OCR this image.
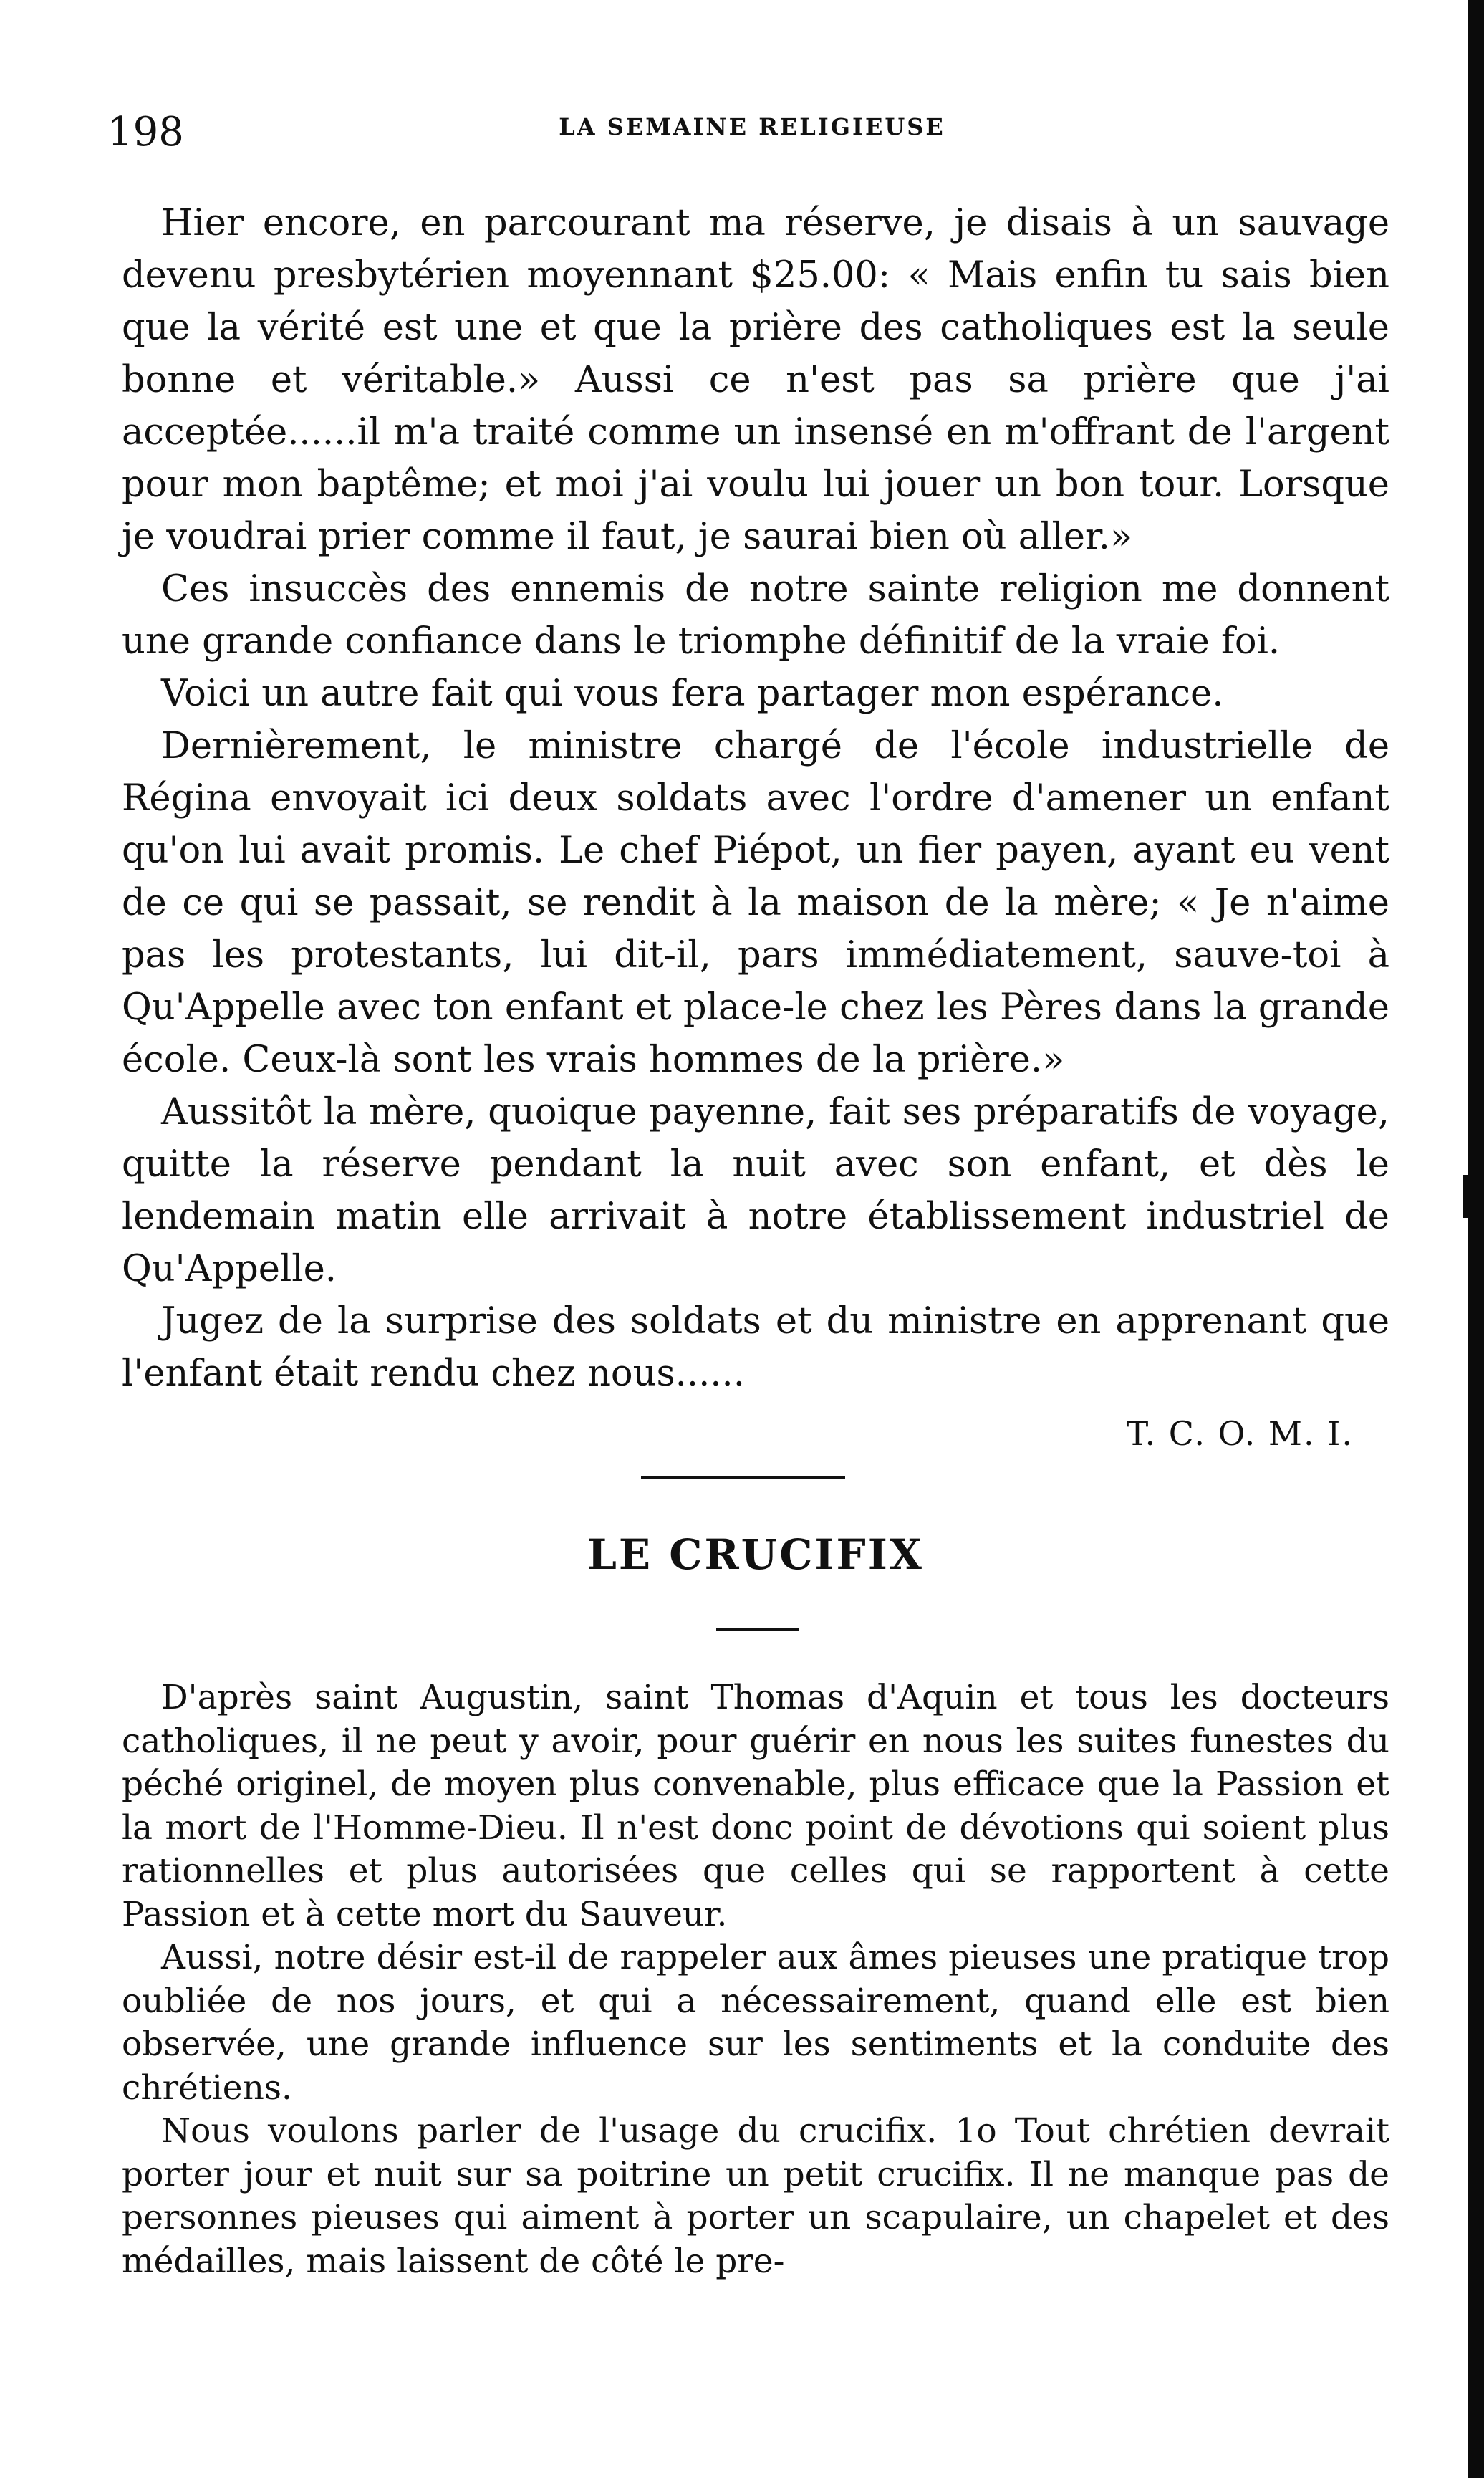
198	LA SEMAINE RELIGIEUSE

Hier encore, en parcourant ma réserve, je disais à un sauvage devenu presbytérien moyennant $25.00: « Mais enfin tu sais bien que la vérité est une et que la prière des catholiques est la seule bonne et véritable.» Aussi ce n'est pas sa prière que j'ai acceptée......il m'a traité comme un insensé en m'offrant de l'argent pour mon baptême; et moi j'ai voulu lui jouer un bon tour. Lorsque je voudrai prier comme il faut, je saurai bien où aller.»

Ces insuccès des ennemis de notre sainte religion me donnent une grande confiance dans le triomphe définitif de la vraie foi.

Voici un autre fait qui vous fera partager mon espérance.

Dernièrement, le ministre chargé de l'école industrielle de Régina envoyait ici deux soldats avec l'ordre d'amener un enfant qu'on lui avait promis. Le chef Piépot, un fier payen, ayant eu vent de ce qui se passait, se rendit à la maison de la mère; « Je n'aime pas les protestants, lui dit-il, pars immédiatement, sauve-toi à Qu'Appelle avec ton enfant et place-le chez les Pères dans la grande école. Ceux-là sont les vrais hommes de la prière.»

Aussitôt la mère, quoique payenne, fait ses préparatifs de voyage, quitte la réserve pendant la nuit avec son enfant, et dès le lendemain matin elle arrivait à notre établissement industriel de Qu'Appelle.

Jugez de la surprise des soldats et du ministre en apprenant que l'enfant était rendu chez nous......

T. C. O. M. I.
LE CRUCIFIX

D'après saint Augustin, saint Thomas d'Aquin et tous les docteurs catholiques, il ne peut y avoir, pour guérir en nous les suites funestes du péché originel, de moyen plus convenable, plus efficace que la Passion et la mort de l'Homme-Dieu. Il n'est donc point de dévotions qui soient plus rationnelles et plus autorisées que celles qui se rapportent à cette Passion et à cette mort du Sauveur.

Aussi, notre désir est-il de rappeler aux âmes pieuses une pratique trop oubliée de nos jours, et qui a nécessairement, quand elle est bien observée, une grande influence sur les sentiments et la conduite des chrétiens.

Nous voulons parler de l'usage du crucifix. 1o Tout chrétien devrait porter jour et nuit sur sa poitrine un petit crucifix. Il ne manque pas de personnes pieuses qui aiment à porter un scapulaire, un chapelet et des médailles, mais laissent de côté le pre-
